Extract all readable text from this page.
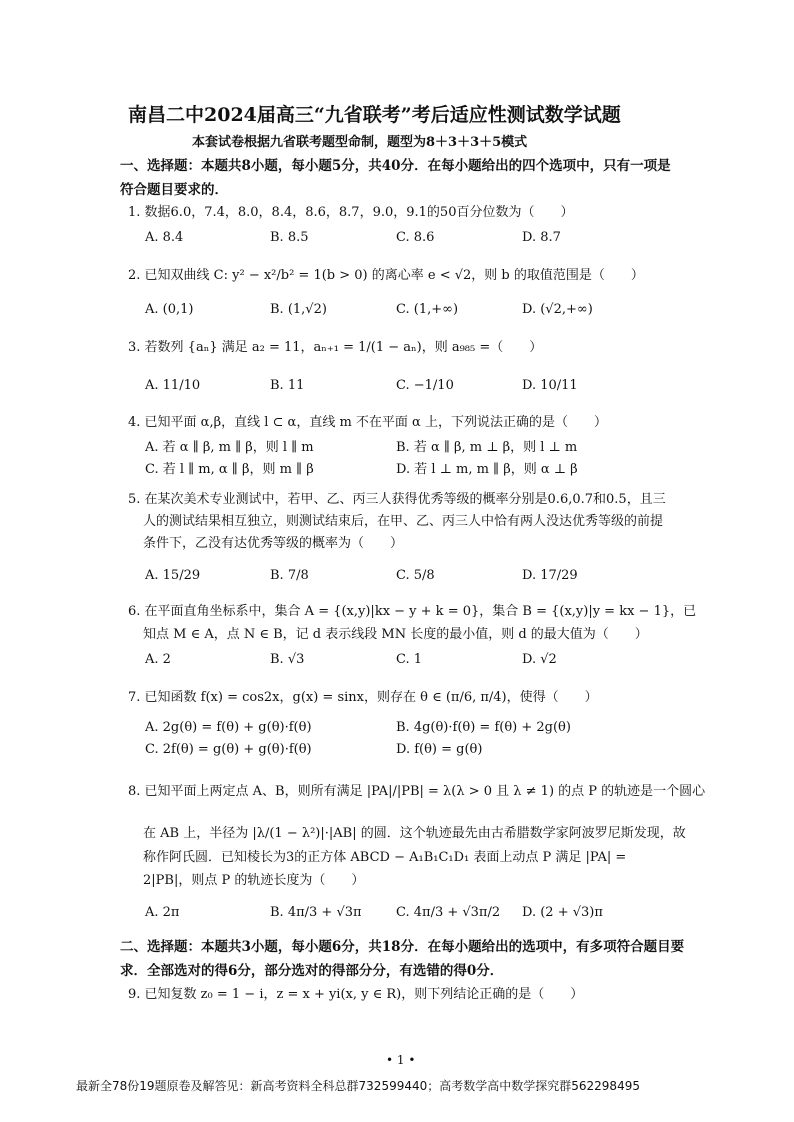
南昌二中2024届高三“九省联考”考后适应性测试数学试题
本套试卷根据九省联考题型命制，题型为8＋3＋3＋5模式
一、选择题：本题共8小题，每小题5分，共40分．在每小题给出的四个选项中，只有一项是
符合题目要求的．
1. 数据6.0，7.4，8.0，8.4，8.6，8.7，9.0，9.1的50百分位数为（　　）
A. 8.4	B. 8.5	C. 8.6	D. 8.7
2. 已知双曲线 C: y² − x²/b² = 1(b > 0) 的离心率 e < √2，则 b 的取值范围是（　　）
A. (0,1)	B. (1,√2)	C. (1,+∞)	D. (√2,+∞)
3. 若数列 {aₙ} 满足 a₂ = 11，aₙ₊₁ = 1/(1 − aₙ)，则 a₉₈₅ =（　　）
A. 11/10	B. 11	C. −1/10	D. 10/11
4. 已知平面 α,β，直线 l ⊂ α，直线 m 不在平面 α 上，下列说法正确的是（　　）
A. 若 α ∥ β, m ∥ β，则 l ∥ m	B. 若 α ∥ β, m ⊥ β，则 l ⊥ m
C. 若 l ∥ m, α ∥ β，则 m ∥ β	D. 若 l ⊥ m, m ∥ β，则 α ⊥ β
5. 在某次美术专业测试中，若甲、乙、丙三人获得优秀等级的概率分别是0.6,0.7和0.5，且三
人的测试结果相互独立，则测试结束后，在甲、乙、丙三人中恰有两人没达优秀等级的前提
条件下，乙没有达优秀等级的概率为（　　）
A. 15/29	B. 7/8	C. 5/8	D. 17/29
6. 在平面直角坐标系中，集合 A = {(x,y)|kx − y + k = 0}，集合 B = {(x,y)|y = kx − 1}，已
知点 M ∈ A，点 N ∈ B，记 d 表示线段 MN 长度的最小值，则 d 的最大值为（　　）
A. 2	B. √3	C. 1	D. √2
7. 已知函数 f(x) = cos2x，g(x) = sinx，则存在 θ ∈ (π/6, π/4)，使得（　　）
A. 2g(θ) = f(θ) + g(θ)·f(θ)	B. 4g(θ)·f(θ) = f(θ) + 2g(θ)
C. 2f(θ) = g(θ) + g(θ)·f(θ)	D. f(θ) = g(θ)
8. 已知平面上两定点 A、B，则所有满足 |PA|/|PB| = λ(λ > 0 且 λ ≠ 1) 的点 P 的轨迹是一个圆心
在 AB 上，半径为 |λ/(1 − λ²)|·|AB| 的圆．这个轨迹最先由古希腊数学家阿波罗尼斯发现，故
称作阿氏圆．已知棱长为3的正方体 ABCD − A₁B₁C₁D₁ 表面上动点 P 满足 |PA| =
2|PB|，则点 P 的轨迹长度为（　　）
A. 2π	B. 4π/3 + √3π	C. 4π/3 + √3π/2 D. (2 + √3)π
二、选择题：本题共3小题，每小题6分，共18分．在每小题给出的选项中，有多项符合题目要
求．全部选对的得6分，部分选对的得部分分，有选错的得0分．
9. 已知复数 z₀ = 1 − i，z = x + yi(x, y ∈ R)，则下列结论正确的是（　　）
• 1 •
最新全78份19题原卷及解答见：新高考资料全科总群732599440；高考数学高中数学探究群562298495
